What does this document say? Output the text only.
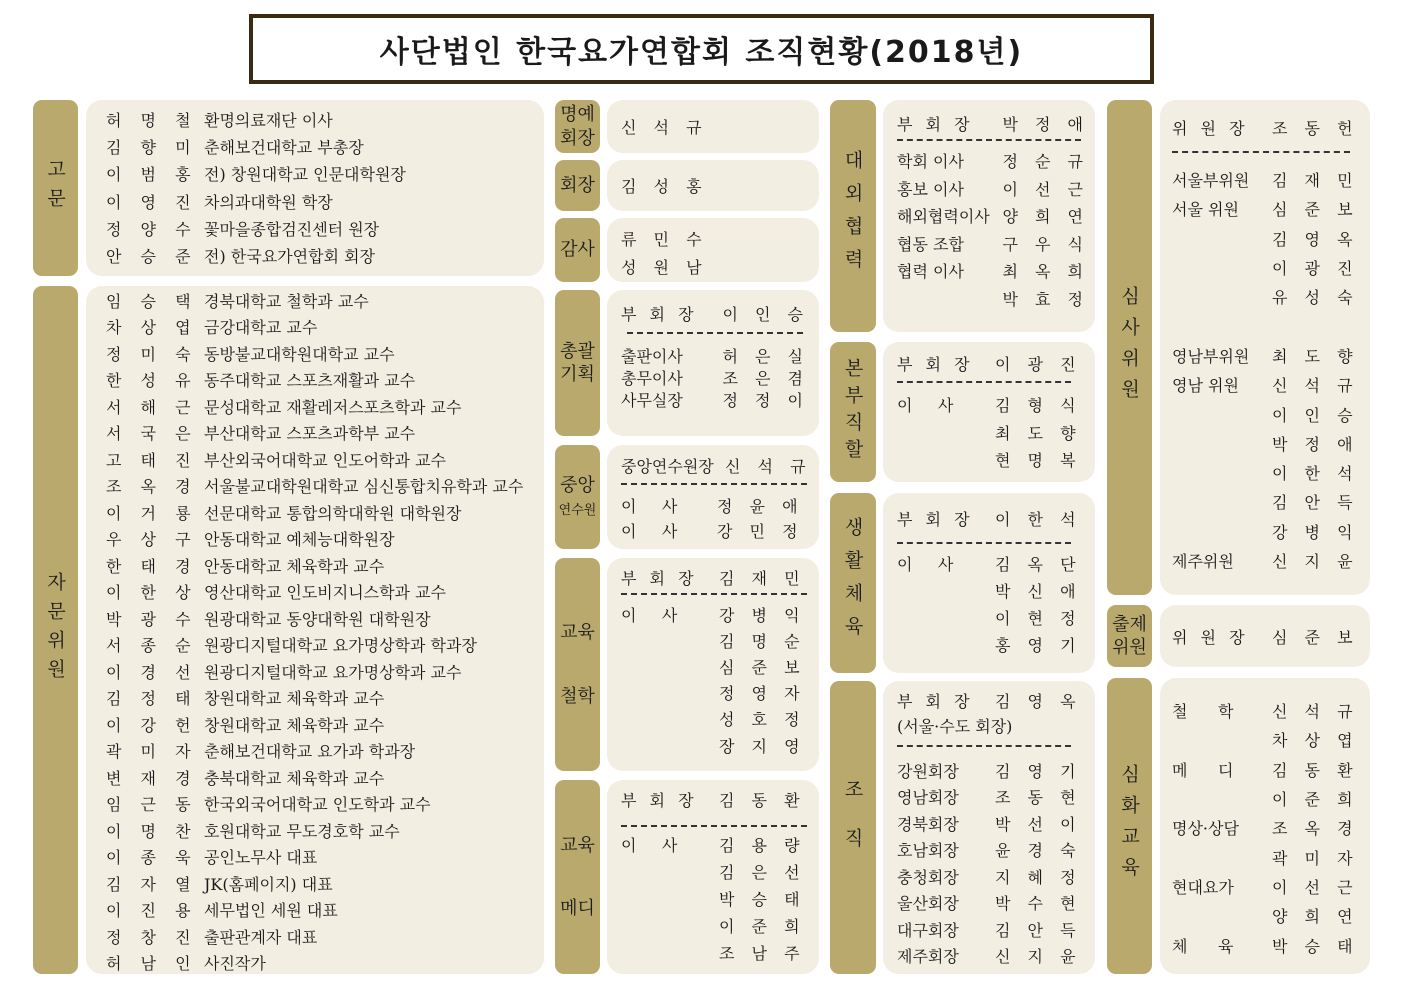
사단법인 한국요가연합회 조직현황(2018년)
고문
허 명 철 환명의료재단 이사
김 향 미 춘해보건대학교 부총장
이 범 홍 전) 창원대학교 인문대학원장
이 영 진 차의과대학원 학장
정 양 수 꽃마을종합검진센터 원장
안 승 준 전) 한국요가연합회 회장
자문위원
임 승 택 경북대학교 철학과 교수
차 상 엽 금강대학교 교수
정 미 숙 동방불교대학원대학교 교수
한 성 유 동주대학교 스포츠재활과 교수
서 해 근 문성대학교 재활레저스포츠학과 교수
서 국 은 부산대학교 스포츠과학부 교수
고 태 진 부산외국어대학교 인도어학과 교수
조 옥 경 서울불교대학원대학교 심신통합치유학과 교수
이 거 룡 선문대학교 통합의학대학원 대학원장
우 상 구 안동대학교 예체능대학원장
한 태 경 안동대학교 체육학과 교수
이 한 상 영산대학교 인도비지니스학과 교수
박 광 수 원광대학교 동양대학원 대학원장
서 종 순 원광디지털대학교 요가명상학과 학과장
이 경 선 원광디지털대학교 요가명상학과 교수
김 정 태 창원대학교 체육학과 교수
이 강 헌 창원대학교 체육학과 교수
곽 미 자 춘해보건대학교 요가과 학과장
변 재 경 충북대학교 체육학과 교수
임 근 동 한국외국어대학교 인도학과 교수
이 명 찬 호원대학교 무도경호학 교수
이 종 욱 공인노무사 대표
김 자 열 JK(홈페이지) 대표
이 진 용 세무법인 세원 대표
정 창 진 출판관계자 대표
허 남 인 사진작가
명예
회장	신 석 규
회장	김 성 홍
감사
류 민 수
성 원 남
총괄
기획
부 회 장	이 인 승
출판이사	허 은 실
총무이사	조 은 겸
사무실장	정 정 이
중앙
연수원
중앙연수원장 신 석 규
이     사	정 윤 애
이     사	강 민 정
교육
철학
부 회 장	김 재 민
이     사	강 병 익
김 명 순
심 준 보
정 영 자
성 호 정
장 지 영
교육
메디
부 회 장	김 동 환
이     사	김 용 량
김 은 선
박 승 태
이 준 희
조 남 주
대외협력
부 회 장	박 정 애
학회 이사	정 순 규
홍보 이사	이 선 근
해외협력이사 양 희 연
협동 조합	구 우 식
협력 이사	최 옥 희
박 효 정
본부직할	부 회 장	이 광 진
이     사	김 형 식
최 도 향
현 명 복
생활체육	부 회 장	이 한 석
이     사	김 옥 단
박 신 애
이 현 정
홍 영 기
조직
부 회 장	김 영 옥
(서울·수도 회장)
강원회장	김 영 기
영남회장	조 동 현
경북회장	박 선 이
호남회장	윤 경 숙
충청회장	지 혜 정
울산회장	박 수 현
대구회장	김 안 득
제주회장	신 지 윤
심사위원
위 원 장	조 동 헌
서울부위원	김 재 민
서울 위원	심 준 보
김 영 옥
이 광 진
유 성 숙
영남부위원	최 도 향
영남 위원	신 석 규
이 인 승
박 정 애
이 한 석
김 안 득
강 병 익
제주위원	신 지 윤
출제
위원	위 원 장	심 준 보
심화교육
철      학	신 석 규
차 상 엽
메      디	김 동 환
이 준 희
명상·상담	조 옥 경
곽 미 자
현대요가	이 선 근
양 희 연
체      육	박 승 태
